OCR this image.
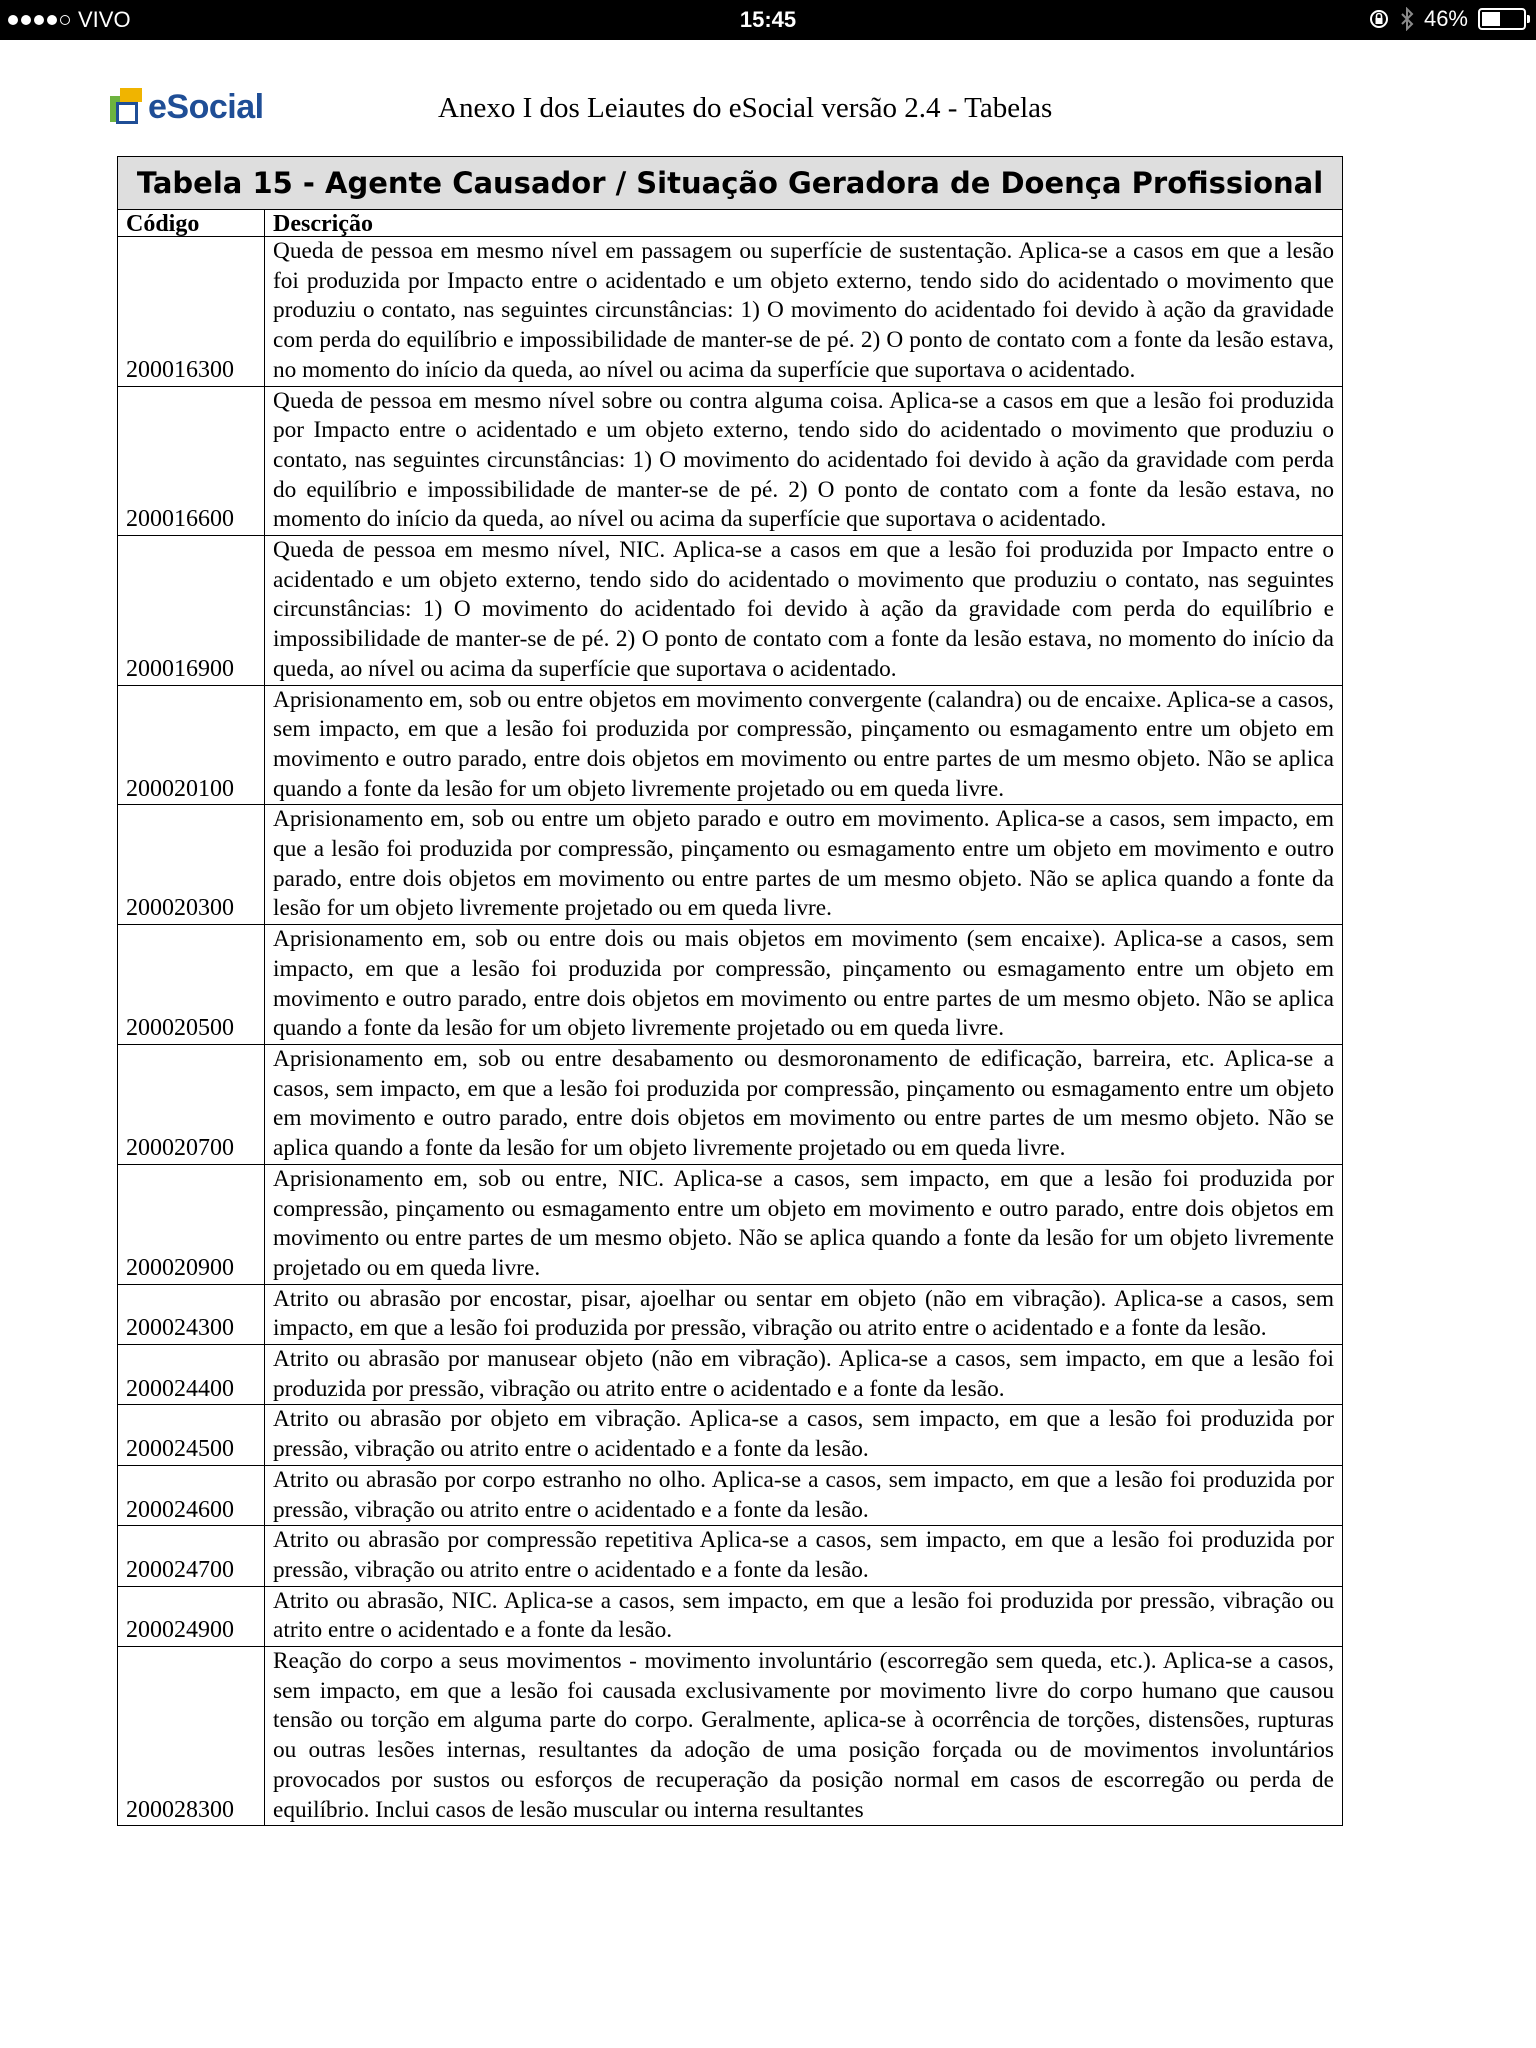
VIVO	15:45	46%
eSocial	Anexo I dos Leiautes do eSocial versão 2.4 - Tabelas
Tabela 15 - Agente Causador / Situação Geradora de Doença Profissional	
Código	Descrição
200016300	Queda de pessoa em mesmo nível em passagem ou superfície de sustentação. Aplica-se a casos em que a lesão foi produzida por Impacto entre o acidentado e um objeto externo, tendo sido do acidentado o movimento que produziu o contato, nas seguintes circunstâncias: 1) O movimento do acidentado foi devido à ação da gravidade com perda do equilíbrio e impossibilidade de manter-se de pé. 2) O ponto de contato com a fonte da lesão estava, no momento do início da queda, ao nível ou acima da superfície que suportava o acidentado.
200016600	Queda de pessoa em mesmo nível sobre ou contra alguma coisa. Aplica-se a casos em que a lesão foi produzida por Impacto entre o acidentado e um objeto externo, tendo sido do acidentado o movimento que produziu o contato, nas seguintes circunstâncias: 1) O movimento do acidentado foi devido à ação da gravidade com perda do equilíbrio e impossibilidade de manter-se de pé. 2) O ponto de contato com a fonte da lesão estava, no momento do início da queda, ao nível ou acima da superfície que suportava o acidentado.
200016900	Queda de pessoa em mesmo nível, NIC. Aplica-se a casos em que a lesão foi produzida por Impacto entre o acidentado e um objeto externo, tendo sido do acidentado o movimento que produziu o contato, nas seguintes circunstâncias: 1) O movimento do acidentado foi devido à ação da gravidade com perda do equilíbrio e impossibilidade de manter-se de pé. 2) O ponto de contato com a fonte da lesão estava, no momento do início da queda, ao nível ou acima da superfície que suportava o acidentado.
200020100	Aprisionamento em, sob ou entre objetos em movimento convergente (calandra) ou de encaixe. Aplica-se a casos, sem impacto, em que a lesão foi produzida por compressão, pinçamento ou esmagamento entre um objeto em movimento e outro parado, entre dois objetos em movimento ou entre partes de um mesmo objeto. Não se aplica quando a fonte da lesão for um objeto livremente projetado ou em queda livre.
200020300	Aprisionamento em, sob ou entre um objeto parado e outro em movimento. Aplica-se a casos, sem impacto, em que a lesão foi produzida por compressão, pinçamento ou esmagamento entre um objeto em movimento e outro parado, entre dois objetos em movimento ou entre partes de um mesmo objeto. Não se aplica quando a fonte da lesão for um objeto livremente projetado ou em queda livre.
200020500	Aprisionamento em, sob ou entre dois ou mais objetos em movimento (sem encaixe). Aplica-se a casos, sem impacto, em que a lesão foi produzida por compressão, pinçamento ou esmagamento entre um objeto em movimento e outro parado, entre dois objetos em movimento ou entre partes de um mesmo objeto. Não se aplica quando a fonte da lesão for um objeto livremente projetado ou em queda livre.
200020700	Aprisionamento em, sob ou entre desabamento ou desmoronamento de edificação, barreira, etc. Aplica-se a casos, sem impacto, em que a lesão foi produzida por compressão, pinçamento ou esmagamento entre um objeto em movimento e outro parado, entre dois objetos em movimento ou entre partes de um mesmo objeto. Não se aplica quando a fonte da lesão for um objeto livremente projetado ou em queda livre.
200020900	Aprisionamento em, sob ou entre, NIC. Aplica-se a casos, sem impacto, em que a lesão foi produzida por compressão, pinçamento ou esmagamento entre um objeto em movimento e outro parado, entre dois objetos em movimento ou entre partes de um mesmo objeto. Não se aplica quando a fonte da lesão for um objeto livremente projetado ou em queda livre.
200024300	Atrito ou abrasão por encostar, pisar, ajoelhar ou sentar em objeto (não em vibração). Aplica-se a casos, sem impacto, em que a lesão foi produzida por pressão, vibração ou atrito entre o acidentado e a fonte da lesão.
200024400	Atrito ou abrasão por manusear objeto (não em vibração). Aplica-se a casos, sem impacto, em que a lesão foi produzida por pressão, vibração ou atrito entre o acidentado e a fonte da lesão.
200024500	Atrito ou abrasão por objeto em vibração. Aplica-se a casos, sem impacto, em que a lesão foi produzida por pressão, vibração ou atrito entre o acidentado e a fonte da lesão.
200024600	Atrito ou abrasão por corpo estranho no olho. Aplica-se a casos, sem impacto, em que a lesão foi produzida por pressão, vibração ou atrito entre o acidentado e a fonte da lesão.
200024700	Atrito ou abrasão por compressão repetitiva Aplica-se a casos, sem impacto, em que a lesão foi produzida por pressão, vibração ou atrito entre o acidentado e a fonte da lesão.
200024900	Atrito ou abrasão, NIC. Aplica-se a casos, sem impacto, em que a lesão foi produzida por pressão, vibração ou atrito entre o acidentado e a fonte da lesão.
200028300	Reação do corpo a seus movimentos - movimento involuntário (escorregão sem queda, etc.). Aplica-se a casos, sem impacto, em que a lesão foi causada exclusivamente por movimento livre do corpo humano que causou tensão ou torção em alguma parte do corpo. Geralmente, aplica-se à ocorrência de torções, distensões, rupturas ou outras lesões internas, resultantes da adoção de uma posição forçada ou de movimentos involuntários provocados por sustos ou esforços de recuperação da posição normal em casos de escorregão ou perda de equilíbrio. Inclui casos de lesão muscular ou interna resultantes
